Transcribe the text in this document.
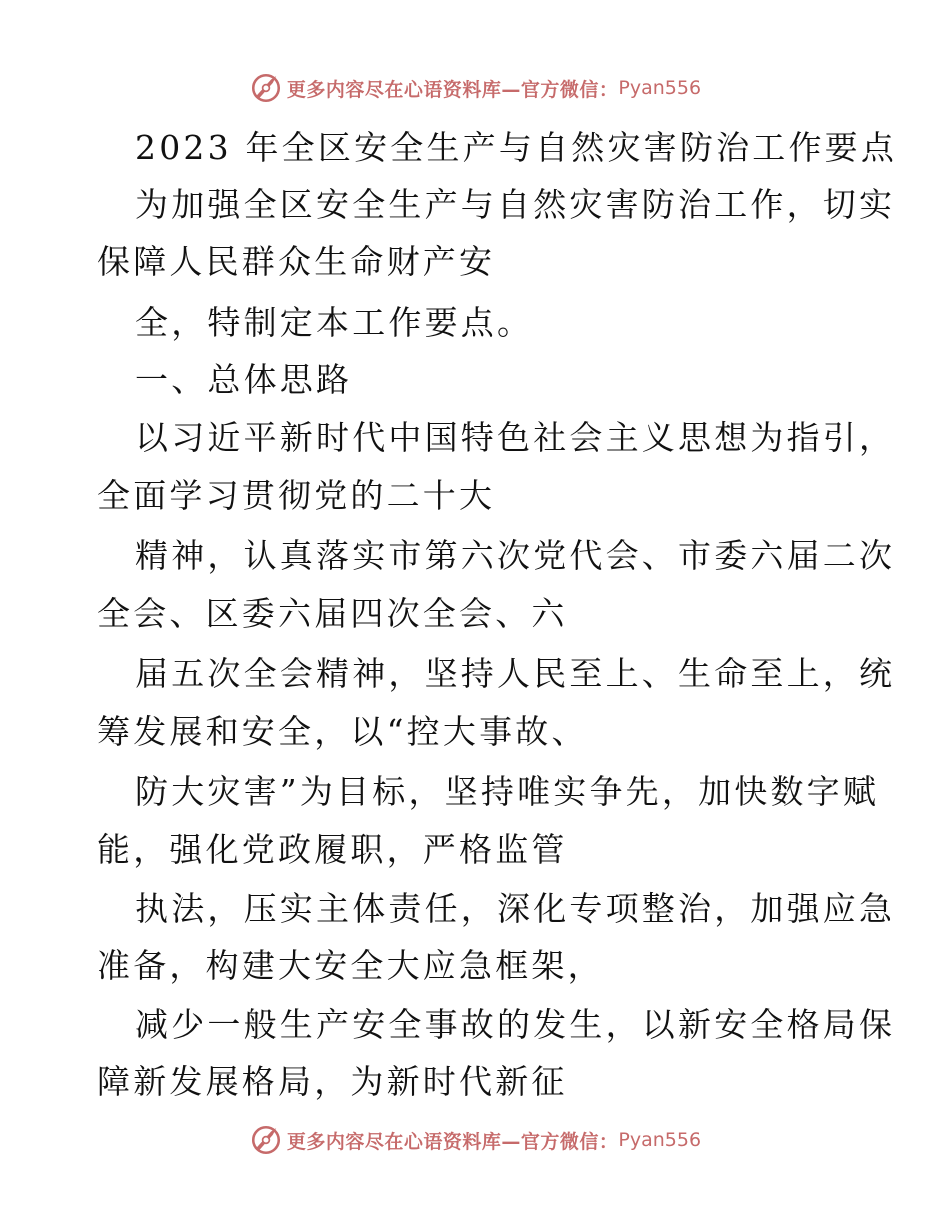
更多内容尽在心语资料库—官方微信： Pyan556
2023 年全区安全生产与自然灾害防治工作要点
为加强全区安全生产与自然灾害防治工作，切实
保障人民群众生命财产安
全，特制定本工作要点。
一、总体思路
以习近平新时代中国特色社会主义思想为指引，
全面学习贯彻党的二十大
精神，认真落实市第六次党代会、市委六届二次
全会、区委六届四次全会、六
届五次全会精神，坚持人民至上、生命至上，统
筹发展和安全，以“控大事故、
防大灾害”为目标，坚持唯实争先，加快数字赋
能，强化党政履职，严格监管
执法，压实主体责任，深化专项整治，加强应急
准备，构建大安全大应急框架，
减少一般生产安全事故的发生，以新安全格局保
障新发展格局，为新时代新征
更多内容尽在心语资料库—官方微信： Pyan556
